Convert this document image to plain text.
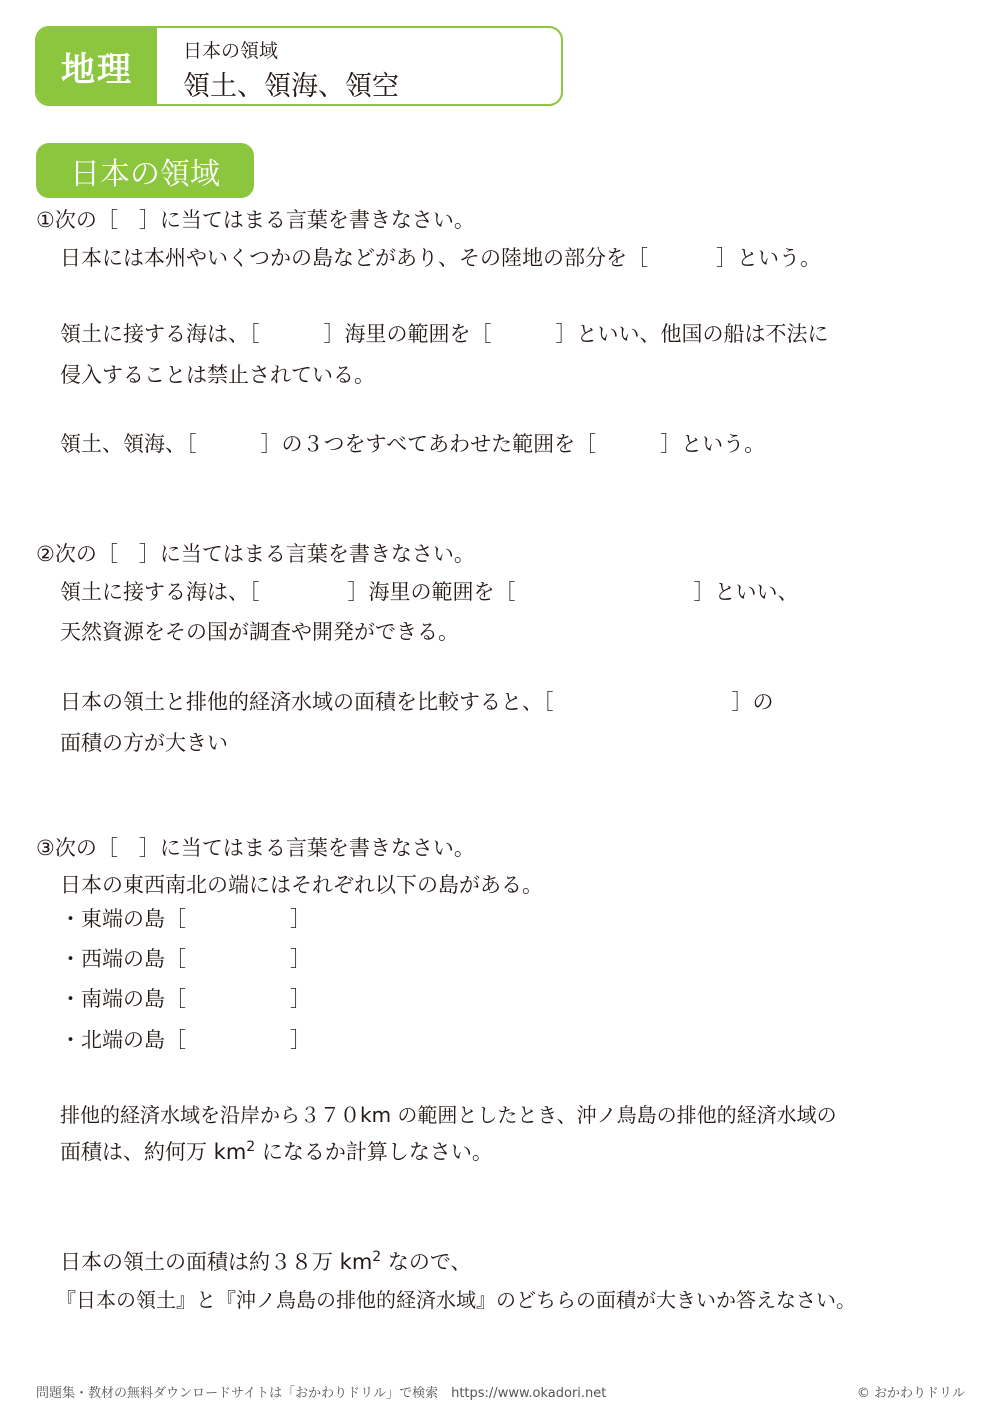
地理	日本の領域
領土、領海、領空
日本の領域
①次の［　］に当てはまる言葉を書きなさい。
日本には本州やいくつかの島などがあり、その陸地の部分を［	］という。
領土に接する海は、［	］海里の範囲を［	］といい、他国の船は不法に
侵入することは禁止されている。
領土、領海、［	］の３つをすべてあわせた範囲を［	］という。
②次の［　］に当てはまる言葉を書きなさい。
領土に接する海は、［	］海里の範囲を［	］といい、
天然資源をその国が調査や開発ができる。
日本の領土と排他的経済水域の面積を比較すると、［	］の
面積の方が大きい
③次の［　］に当てはまる言葉を書きなさい。
日本の東西南北の端にはそれぞれ以下の島がある。
・東端の島［	］
・西端の島［	］
・南端の島［	］
・北端の島［	］
排他的経済水域を沿岸から３７０km の範囲としたとき、沖ノ鳥島の排他的経済水域の
面積は、約何万 $km^2$ になるか計算しなさい。
日本の領土の面積は約３８万 $km^2$ なので、
『日本の領土』と『沖ノ鳥島の排他的経済水域』のどちらの面積が大きいか答えなさい。
問題集・教材の無料ダウンロードサイトは「おかわりドリル」で検索　https://www.okadori.net	© おかわりドリル
